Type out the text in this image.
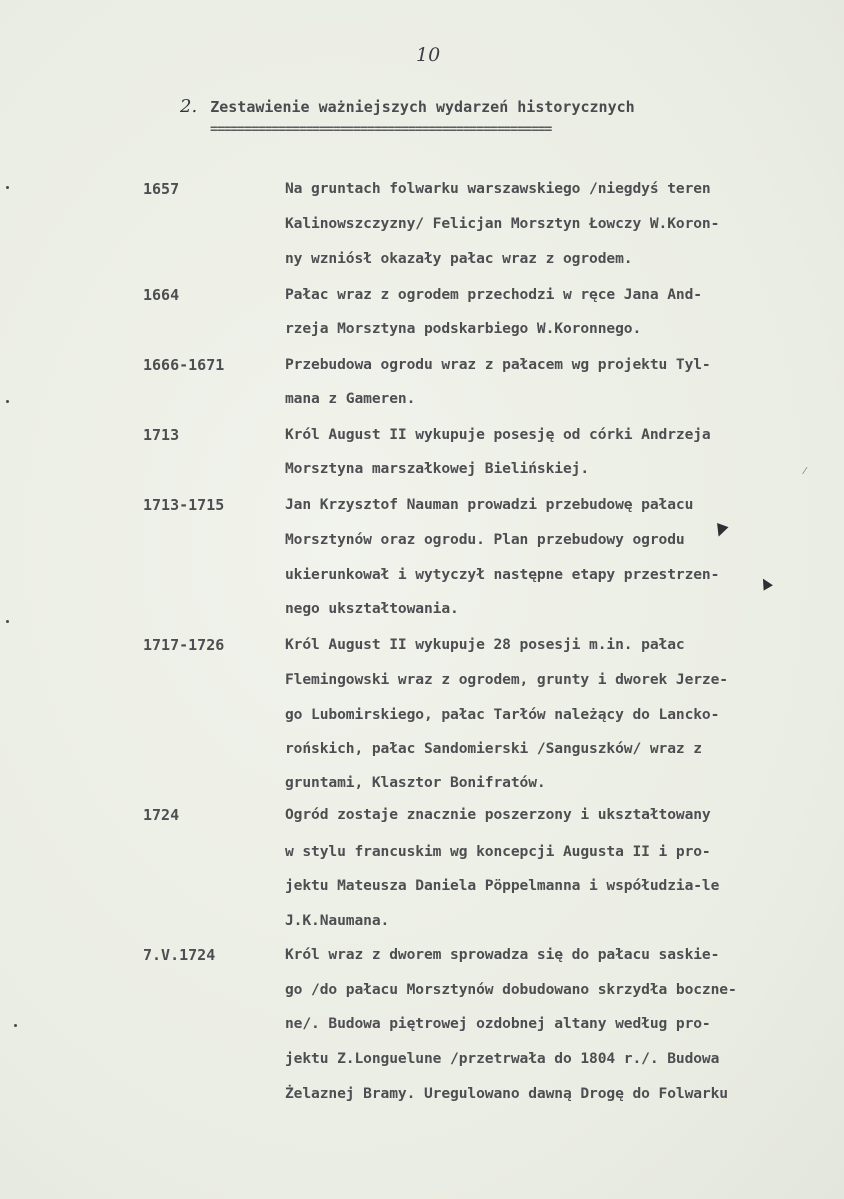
10
2. Zestawienie ważniejszych wydarzeń historycznych
==================================================
1657	Na gruntach folwarku warszawskiego /niegdyś teren
Kalinowszczyzny/ Felicjan Morsztyn Łowczy W.Koron-
ny wzniósł okazały pałac wraz z ogrodem.
1664	Pałac wraz z ogrodem przechodzi w ręce Jana And-
rzeja Morsztyna podskarbiego W.Koronnego.
1666-1671	Przebudowa ogrodu wraz z pałacem wg projektu Tyl-
mana z Gameren.
1713	Król August II wykupuje posesję od córki Andrzeja
Morsztyna marszałkowej Bielińskiej.
1713-1715	Jan Krzysztof Nauman prowadzi przebudowę pałacu
Morsztynów oraz ogrodu. Plan przebudowy ogrodu
ukierunkował i wytyczył następne etapy przestrzen-
nego ukształtowania.
1717-1726	Król August II wykupuje 28 posesji m.in. pałac
Flemingowski wraz z ogrodem, grunty i dworek Jerze-
go Lubomirskiego, pałac Tarłów należący do Lancko-
rońskich, pałac Sandomierski /Sanguszków/ wraz z
gruntami, Klasztor Bonifratów.
1724	Ogród zostaje znacznie poszerzony i ukształtowany
w stylu francuskim wg koncepcji Augusta II i pro-
jektu Mateusza Daniela Pöppelmanna i współudzia-le
J.K.Naumana.
7.V.1724	Król wraz z dworem sprowadza się do pałacu saskie-
go /do pałacu Morsztynów dobudowano skrzydła boczne-
ne/. Budowa piętrowej ozdobnej altany według pro-
jektu Z.Longuelune /przetrwała do 1804 r./. Budowa
Żelaznej Bramy. Uregulowano dawną Drogę do Folwarku
▼
▲
⁄
